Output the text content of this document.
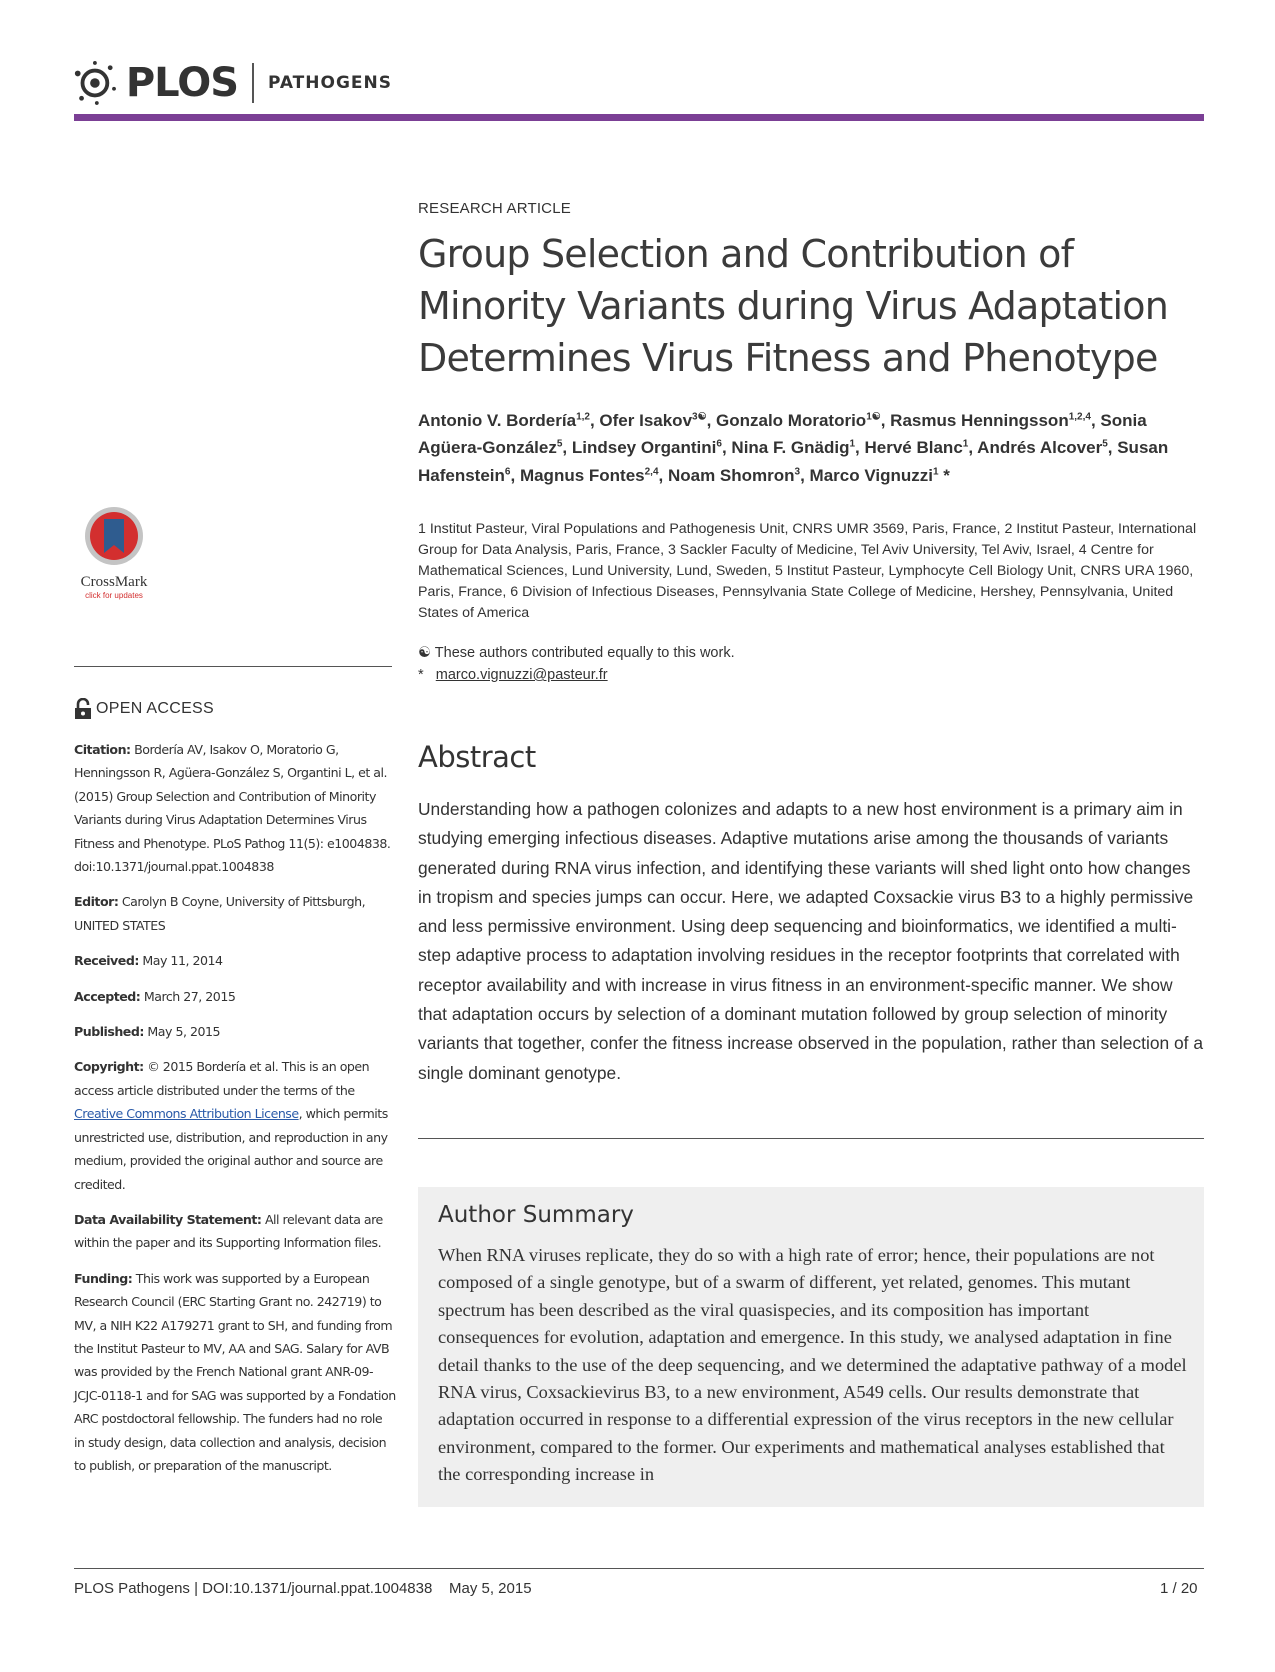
PLOS PATHOGENS
RESEARCH ARTICLE
Group Selection and Contribution of Minority Variants during Virus Adaptation Determines Virus Fitness and Phenotype
Antonio V. Bordería$^{1,2}$, Ofer Isakov$^{3☯}$, Gonzalo Moratorio$^{1☯}$, Rasmus Henningsson$^{1,2,4}$, Sonia Agüera-González$^5$, Lindsey Organtini$^6$, Nina F. Gnädig$^1$, Hervé Blanc$^1$, Andrés Alcover$^5$, Susan Hafenstein$^6$, Magnus Fontes$^{2,4}$, Noam Shomron$^3$, Marco Vignuzzi$^1$ *
1 Institut Pasteur, Viral Populations and Pathogenesis Unit, CNRS UMR 3569, Paris, France, 2 Institut Pasteur, International Group for Data Analysis, Paris, France, 3 Sackler Faculty of Medicine, Tel Aviv University, Tel Aviv, Israel, 4 Centre for Mathematical Sciences, Lund University, Lund, Sweden, 5 Institut Pasteur, Lymphocyte Cell Biology Unit, CNRS URA 1960, Paris, France, 6 Division of Infectious Diseases, Pennsylvania State College of Medicine, Hershey, Pennsylvania, United States of America
☯ These authors contributed equally to this work.
* marco.vignuzzi@pasteur.fr
Abstract
Understanding how a pathogen colonizes and adapts to a new host environment is a primary aim in studying emerging infectious diseases. Adaptive mutations arise among the thousands of variants generated during RNA virus infection, and identifying these variants will shed light onto how changes in tropism and species jumps can occur. Here, we adapted Coxsackie virus B3 to a highly permissive and less permissive environment. Using deep sequencing and bioinformatics, we identified a multi-step adaptive process to adaptation involving residues in the receptor footprints that correlated with receptor availability and with increase in virus fitness in an environment-specific manner. We show that adaptation occurs by selection of a dominant mutation followed by group selection of minority variants that together, confer the fitness increase observed in the population, rather than selection of a single dominant genotype.
Author Summary
When RNA viruses replicate, they do so with a high rate of error; hence, their populations are not composed of a single genotype, but of a swarm of different, yet related, genomes. This mutant spectrum has been described as the viral quasispecies, and its composition has important consequences for evolution, adaptation and emergence. In this study, we analysed adaptation in fine detail thanks to the use of the deep sequencing, and we determined the adaptative pathway of a model RNA virus, Coxsackievirus B3, to a new environment, A549 cells. Our results demonstrate that adaptation occurred in response to a differential expression of the virus receptors in the new cellular environment, compared to the former. Our experiments and mathematical analyses established that the corresponding increase in
CrossMark
click for updates
OPEN ACCESS

Citation: Bordería AV, Isakov O, Moratorio G, Henningsson R, Agüera-González S, Organtini L, et al. (2015) Group Selection and Contribution of Minority Variants during Virus Adaptation Determines Virus Fitness and Phenotype. PLoS Pathog 11(5): e1004838. doi:10.1371/journal.ppat.1004838

Editor: Carolyn B Coyne, University of Pittsburgh, UNITED STATES

Received: May 11, 2014

Accepted: March 27, 2015

Published: May 5, 2015

Copyright: © 2015 Bordería et al. This is an open access article distributed under the terms of the Creative Commons Attribution License, which permits unrestricted use, distribution, and reproduction in any medium, provided the original author and source are credited.

Data Availability Statement: All relevant data are within the paper and its Supporting Information files.

Funding: This work was supported by a European Research Council (ERC Starting Grant no. 242719) to MV, a NIH K22 A179271 grant to SH, and funding from the Institut Pasteur to MV, AA and SAG. Salary for AVB was provided by the French National grant ANR-09-JCJC-0118-1 and for SAG was supported by a Fondation ARC postdoctoral fellowship. The funders had no role in study design, data collection and analysis, decision to publish, or preparation of the manuscript.

PLOS Pathogens | DOI:10.1371/journal.ppat.1004838    May 5, 2015	1 / 20
